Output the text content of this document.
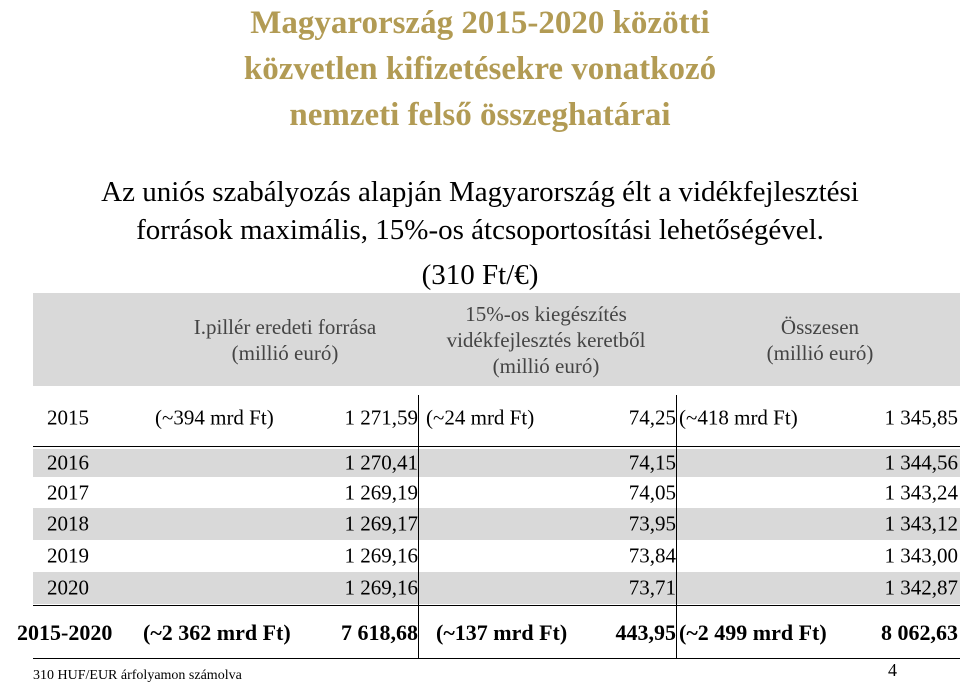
Magyarország 2015-2020 közötti
közvetlen kifizetésekre vonatkozó
nemzeti felső összeghatárai
Az uniós szabályozás alapján Magyarország élt a vidékfejlesztési
források maximális, 15%-os átcsoportosítási lehetőségével.
(310 Ft/€)
I.pillér eredeti forrása
(millió euró)
15%-os kiegészítés
vidékfejlesztés keretből
(millió euró)
Összesen
(millió euró)
2015	(~394 mrd Ft)	1 271,59 (~24 mrd Ft)	74,25 (~418 mrd Ft)	1 345,85
2016	1 270,41	74,15	1 344,56
2017	1 269,19	74,05	1 343,24
2018	1 269,17	73,95	1 343,12
2019	1 269,16	73,84	1 343,00
2020	1 269,16	73,71	1 342,87
2015-2020 (~2 362 mrd Ft) 7 618,68 (~137 mrd Ft) 443,95 (~2 499 mrd Ft) 8 062,63
310 HUF/EUR árfolyamon számolva	4
